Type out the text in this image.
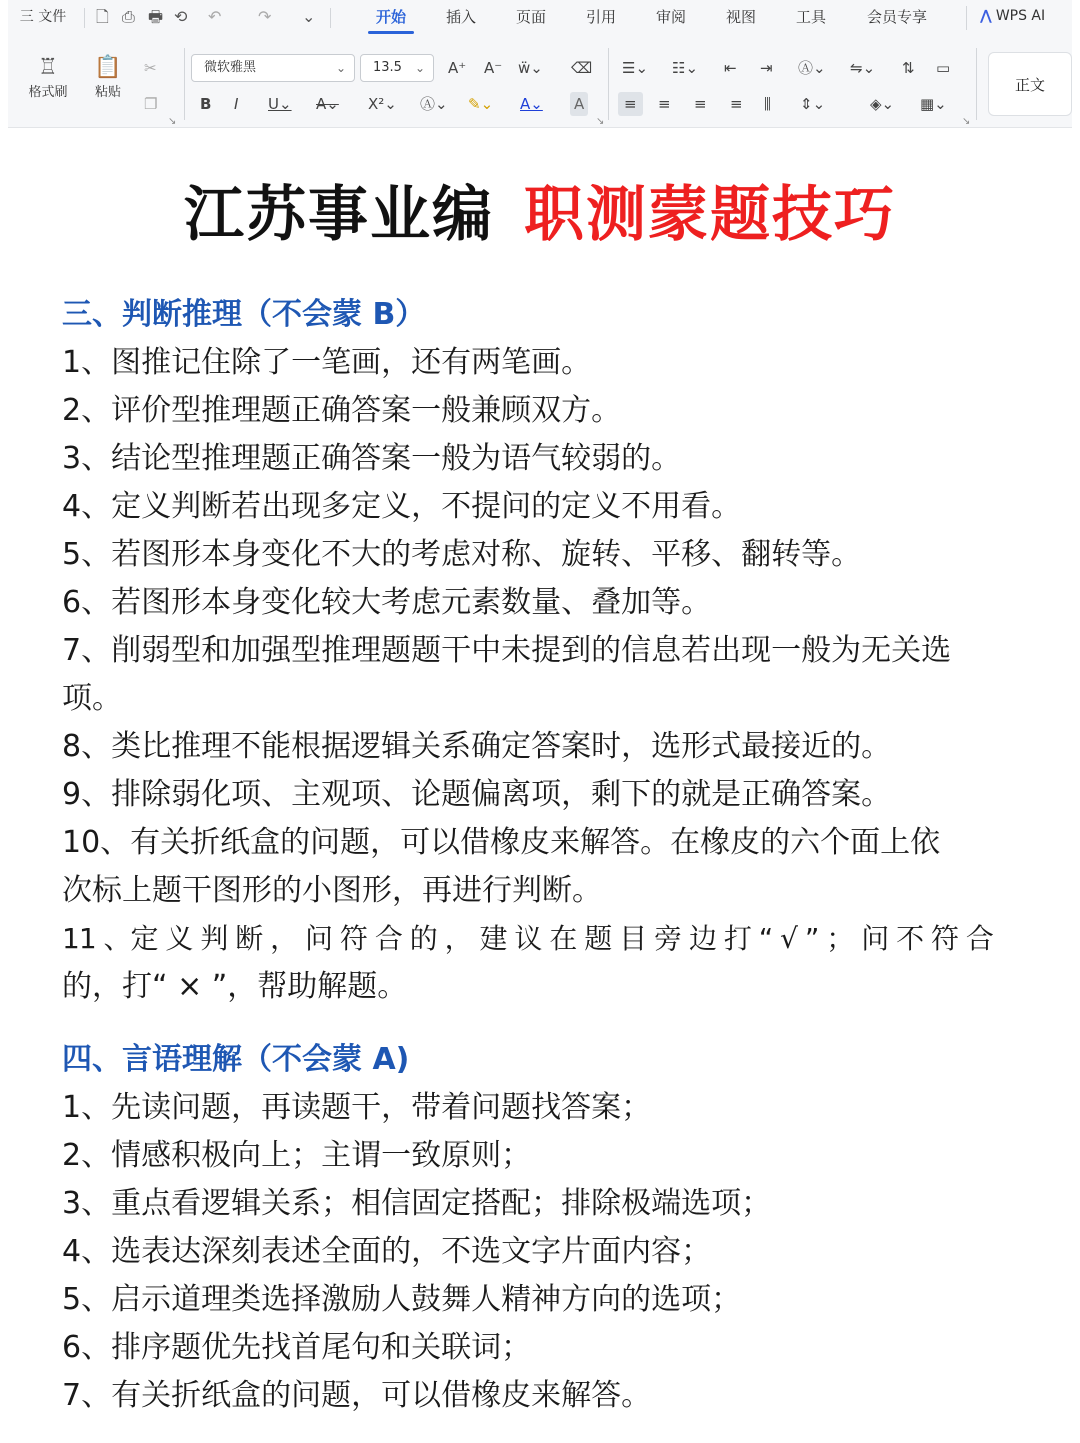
三 文件	🗋 ⎙ 🖶 ⟲ ↶ ↷ ⌄	开始	插入	页面	引用	审阅	视图	工具	会员专享	⋀ WPS AI
♖
格式刷
📋
粘贴
✂
❐
↘
微软雅黑	⌄	13.5 ⌄ A⁺ A⁻ ẅ⌄ ⌫
B I U⌄ A⌄ X²⌄ Ⓐ⌄ ✎⌄ A⌄ A
↘
☰⌄ ☷⌄ ⇤ ⇥ Ⓐ⌄ ⇋⌄ ⇅ ▭
≡	≡ ≡ ≡ ⫼ ⇕⌄	◈⌄ ▦⌄
↘
正文
江苏事业编 职测蒙题技巧
三、判断推理（不会蒙 B）
1、图推记住除了一笔画，还有两笔画。
2、评价型推理题正确答案一般兼顾双方。
3、结论型推理题正确答案一般为语气较弱的。
4、定义判断若出现多定义，不提问的定义不用看。
5、若图形本身变化不大的考虑对称、旋转、平移、翻转等。
6、若图形本身变化较大考虑元素数量、叠加等。
7、削弱型和加强型推理题题干中未提到的信息若出现一般为无关选
项。
8、类比推理不能根据逻辑关系确定答案时，选形式最接近的。
9、排除弱化项、主观项、论题偏离项，剩下的就是正确答案。
10、有关折纸盒的问题，可以借橡皮来解答。在橡皮的六个面上依
次标上题干图形的小图形，再进行判断。
11 、定 义 判 断 ， 问 符 合 的 ， 建 议 在 题 目 旁 边 打 “ √ ” ； 问 不 符 合
的，打“ × ”，帮助解题。
四、言语理解（不会蒙 A)
1、先读问题，再读题干，带着问题找答案；
2、情感积极向上；主谓一致原则；
3、重点看逻辑关系；相信固定搭配；排除极端选项；
4、选表达深刻表述全面的，不选文字片面内容；
5、启示道理类选择激励人鼓舞人精神方向的选项；
6、排序题优先找首尾句和关联词；
7、有关折纸盒的问题，可以借橡皮来解答。
